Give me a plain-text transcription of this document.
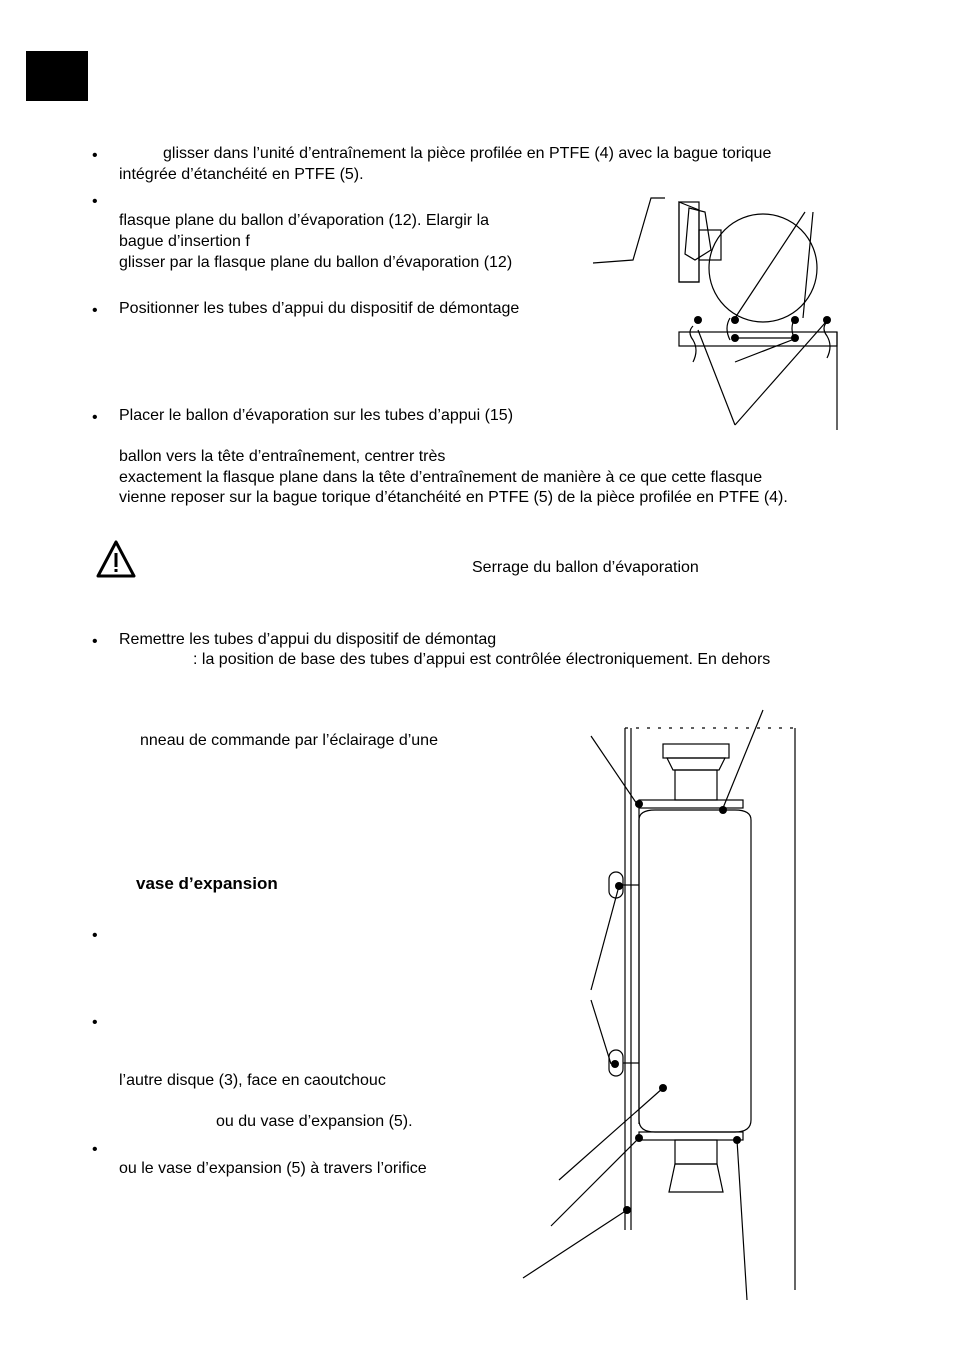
•	glisser dans l’unité d’entraînement la pièce profilée en PTFE (4) avec la bague torique
intégrée d’étanchéité en PTFE (5).
•
flasque plane du ballon d’évaporation (12). Elargir la
bague d’insertion f
glisser par la flasque plane du ballon d’évaporation (12)
• Positionner les tubes d’appui du dispositif de démontage
• Placer le ballon d’évaporation sur les tubes d’appui (15)
ballon vers la tête d’entraînement, centrer très
exactement la flasque plane dans la tête d’entraînement de manière à ce que cette flasque
vienne reposer sur la bague torique d’étanchéité en PTFE (5) de la pièce profilée en PTFE (4).
Serrage du ballon d’évaporation
• Remettre les tubes d’appui du dispositif de démontag
: la position de base des tubes d’appui est contrôlée électroniquement. En dehors
nneau de commande par l’éclairage d’une
vase d’expansion
•
•
l’autre disque (3), face en caoutchouc
ou du vase d’expansion (5).
•
ou le vase d’expansion (5) à travers l’orifice
